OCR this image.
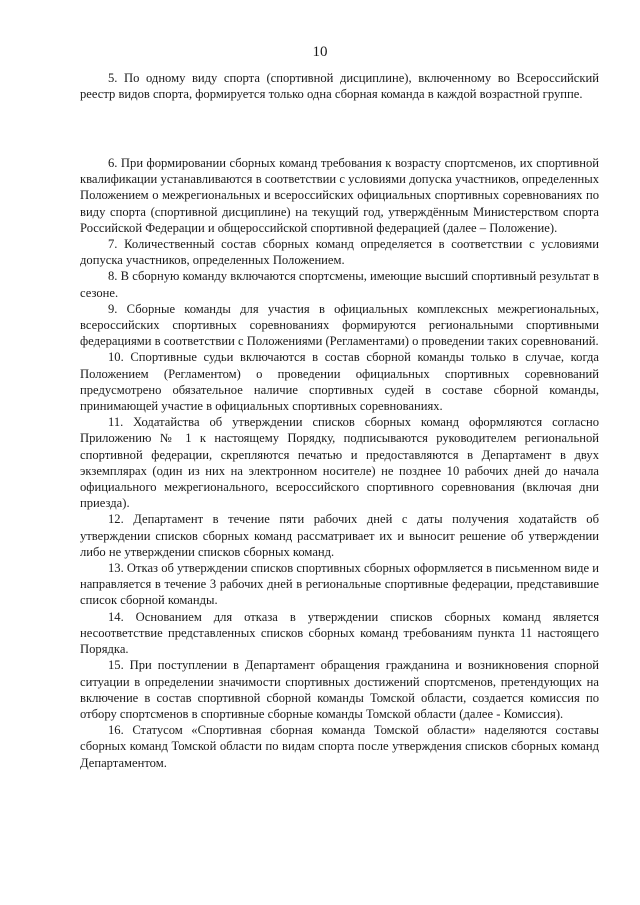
10

5. По одному виду спорта (спортивной дисциплине), включенному во Всероссийский реестр видов спорта, формируется только одна сборная команда в каждой возрастной группе.

6. При формировании сборных команд требования к возрасту спортсменов, их спортивной квалификации устанавливаются в соответствии с условиями допуска участников, определенных Положением о межрегиональных и всероссийских официальных спортивных соревнованиях по виду спорта (спортивной дисциплине) на текущий год, утверждённым Министерством спорта Российской Федерации и общероссийской спортивной федерацией (далее – Положение).

7. Количественный состав сборных команд определяется в соответствии с условиями допуска участников, определенных Положением.

8. В сборную команду включаются спортсмены, имеющие высший спортивный результат в сезоне.

9. Сборные команды для участия в официальных комплексных межрегиональных, всероссийских спортивных соревнованиях формируются региональными спортивными федерациями в соответствии с Положениями (Регламентами) о проведении таких соревнований.

10. Спортивные судьи включаются в состав сборной команды только в случае, когда Положением (Регламентом) о проведении официальных спортивных соревнований предусмотрено обязательное наличие спортивных судей в составе сборной команды, принимающей участие в официальных спортивных соревнованиях.

11. Ходатайства об утверждении списков сборных команд оформляются согласно Приложению № 1 к настоящему Порядку, подписываются руководителем региональной спортивной федерации, скрепляются печатью и предоставляются в Департамент в двух экземплярах (один из них на электронном носителе) не позднее 10 рабочих дней до начала официального межрегионального, всероссийского спортивного соревнования (включая дни приезда).

12. Департамент в течение пяти рабочих дней с даты получения ходатайств об утверждении списков сборных команд рассматривает их и выносит решение об утверждении либо не утверждении списков сборных команд.

13. Отказ об утверждении списков спортивных сборных оформляется в письменном виде и направляется в течение 3 рабочих дней в региональные спортивные федерации, представившие список сборной команды.

14. Основанием для отказа в утверждении списков сборных команд является несоответствие представленных списков сборных команд требованиям пункта 11 настоящего Порядка.

15. При поступлении в Департамент обращения гражданина и возникновения спорной ситуации в определении значимости спортивных достижений спортсменов, претендующих на включение в состав спортивной сборной команды Томской области, создается комиссия по отбору спортсменов в спортивные сборные команды Томской области (далее - Комиссия).

16. Статусом «Спортивная сборная команда Томской области» наделяются составы сборных команд Томской области по видам спорта после утверждения списков сборных команд Департаментом.
